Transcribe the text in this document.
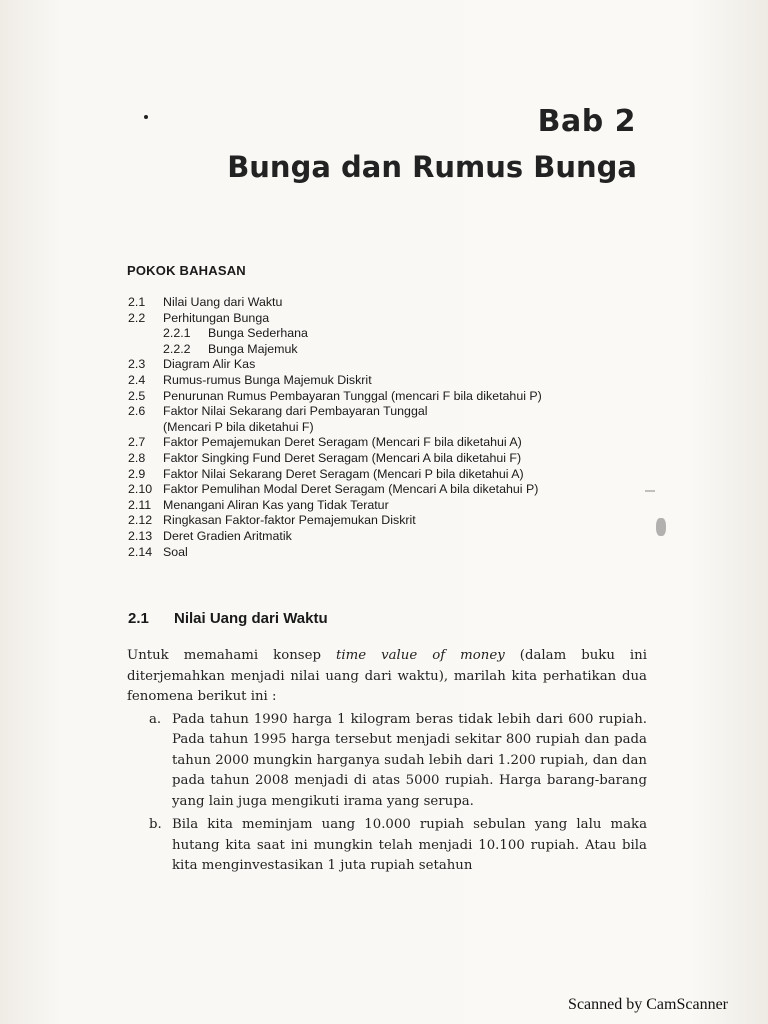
Bab 2
Bunga dan Rumus Bunga
POKOK BAHASAN
2.1	Nilai Uang dari Waktu
2.2	Perhitungan Bunga
2.2.1	Bunga Sederhana
2.2.2	Bunga Majemuk
2.3	Diagram Alir Kas
2.4	Rumus-rumus Bunga Majemuk Diskrit
2.5	Penurunan Rumus Pembayaran Tunggal (mencari F bila diketahui P)
2.6	Faktor Nilai Sekarang dari Pembayaran Tunggal
(Mencari P bila diketahui F)
2.7	Faktor Pemajemukan Deret Seragam (Mencari F bila diketahui A)
2.8	Faktor Singking Fund Deret Seragam (Mencari A bila diketahui F)
2.9	Faktor Nilai Sekarang Deret Seragam (Mencari P bila diketahui A)
2.10 Faktor Pemulihan Modal Deret Seragam (Mencari A bila diketahui P)
2.11 Menangani Aliran Kas yang Tidak Teratur
2.12 Ringkasan Faktor-faktor Pemajemukan Diskrit
2.13 Deret Gradien Aritmatik
2.14 Soal
2.1	Nilai Uang dari Waktu
Untuk memahami konsep time value of money (dalam buku ini diterjemahkan menjadi nilai uang dari waktu), marilah kita perhatikan dua fenomena berikut ini :
a. Pada tahun 1990 harga 1 kilogram beras tidak lebih dari 600 rupiah. Pada tahun 1995 harga tersebut menjadi sekitar 800 rupiah dan pada tahun 2000 mungkin harganya sudah lebih dari 1.200 rupiah, dan dan pada tahun 2008 menjadi di atas 5000 rupiah. Harga barang-barang yang lain juga mengikuti irama yang serupa.
b. Bila kita meminjam uang 10.000 rupiah sebulan yang lalu maka hutang kita saat ini mungkin telah menjadi 10.100 rupiah. Atau bila kita menginvestasikan 1 juta rupiah setahun
Scanned by CamScanner
